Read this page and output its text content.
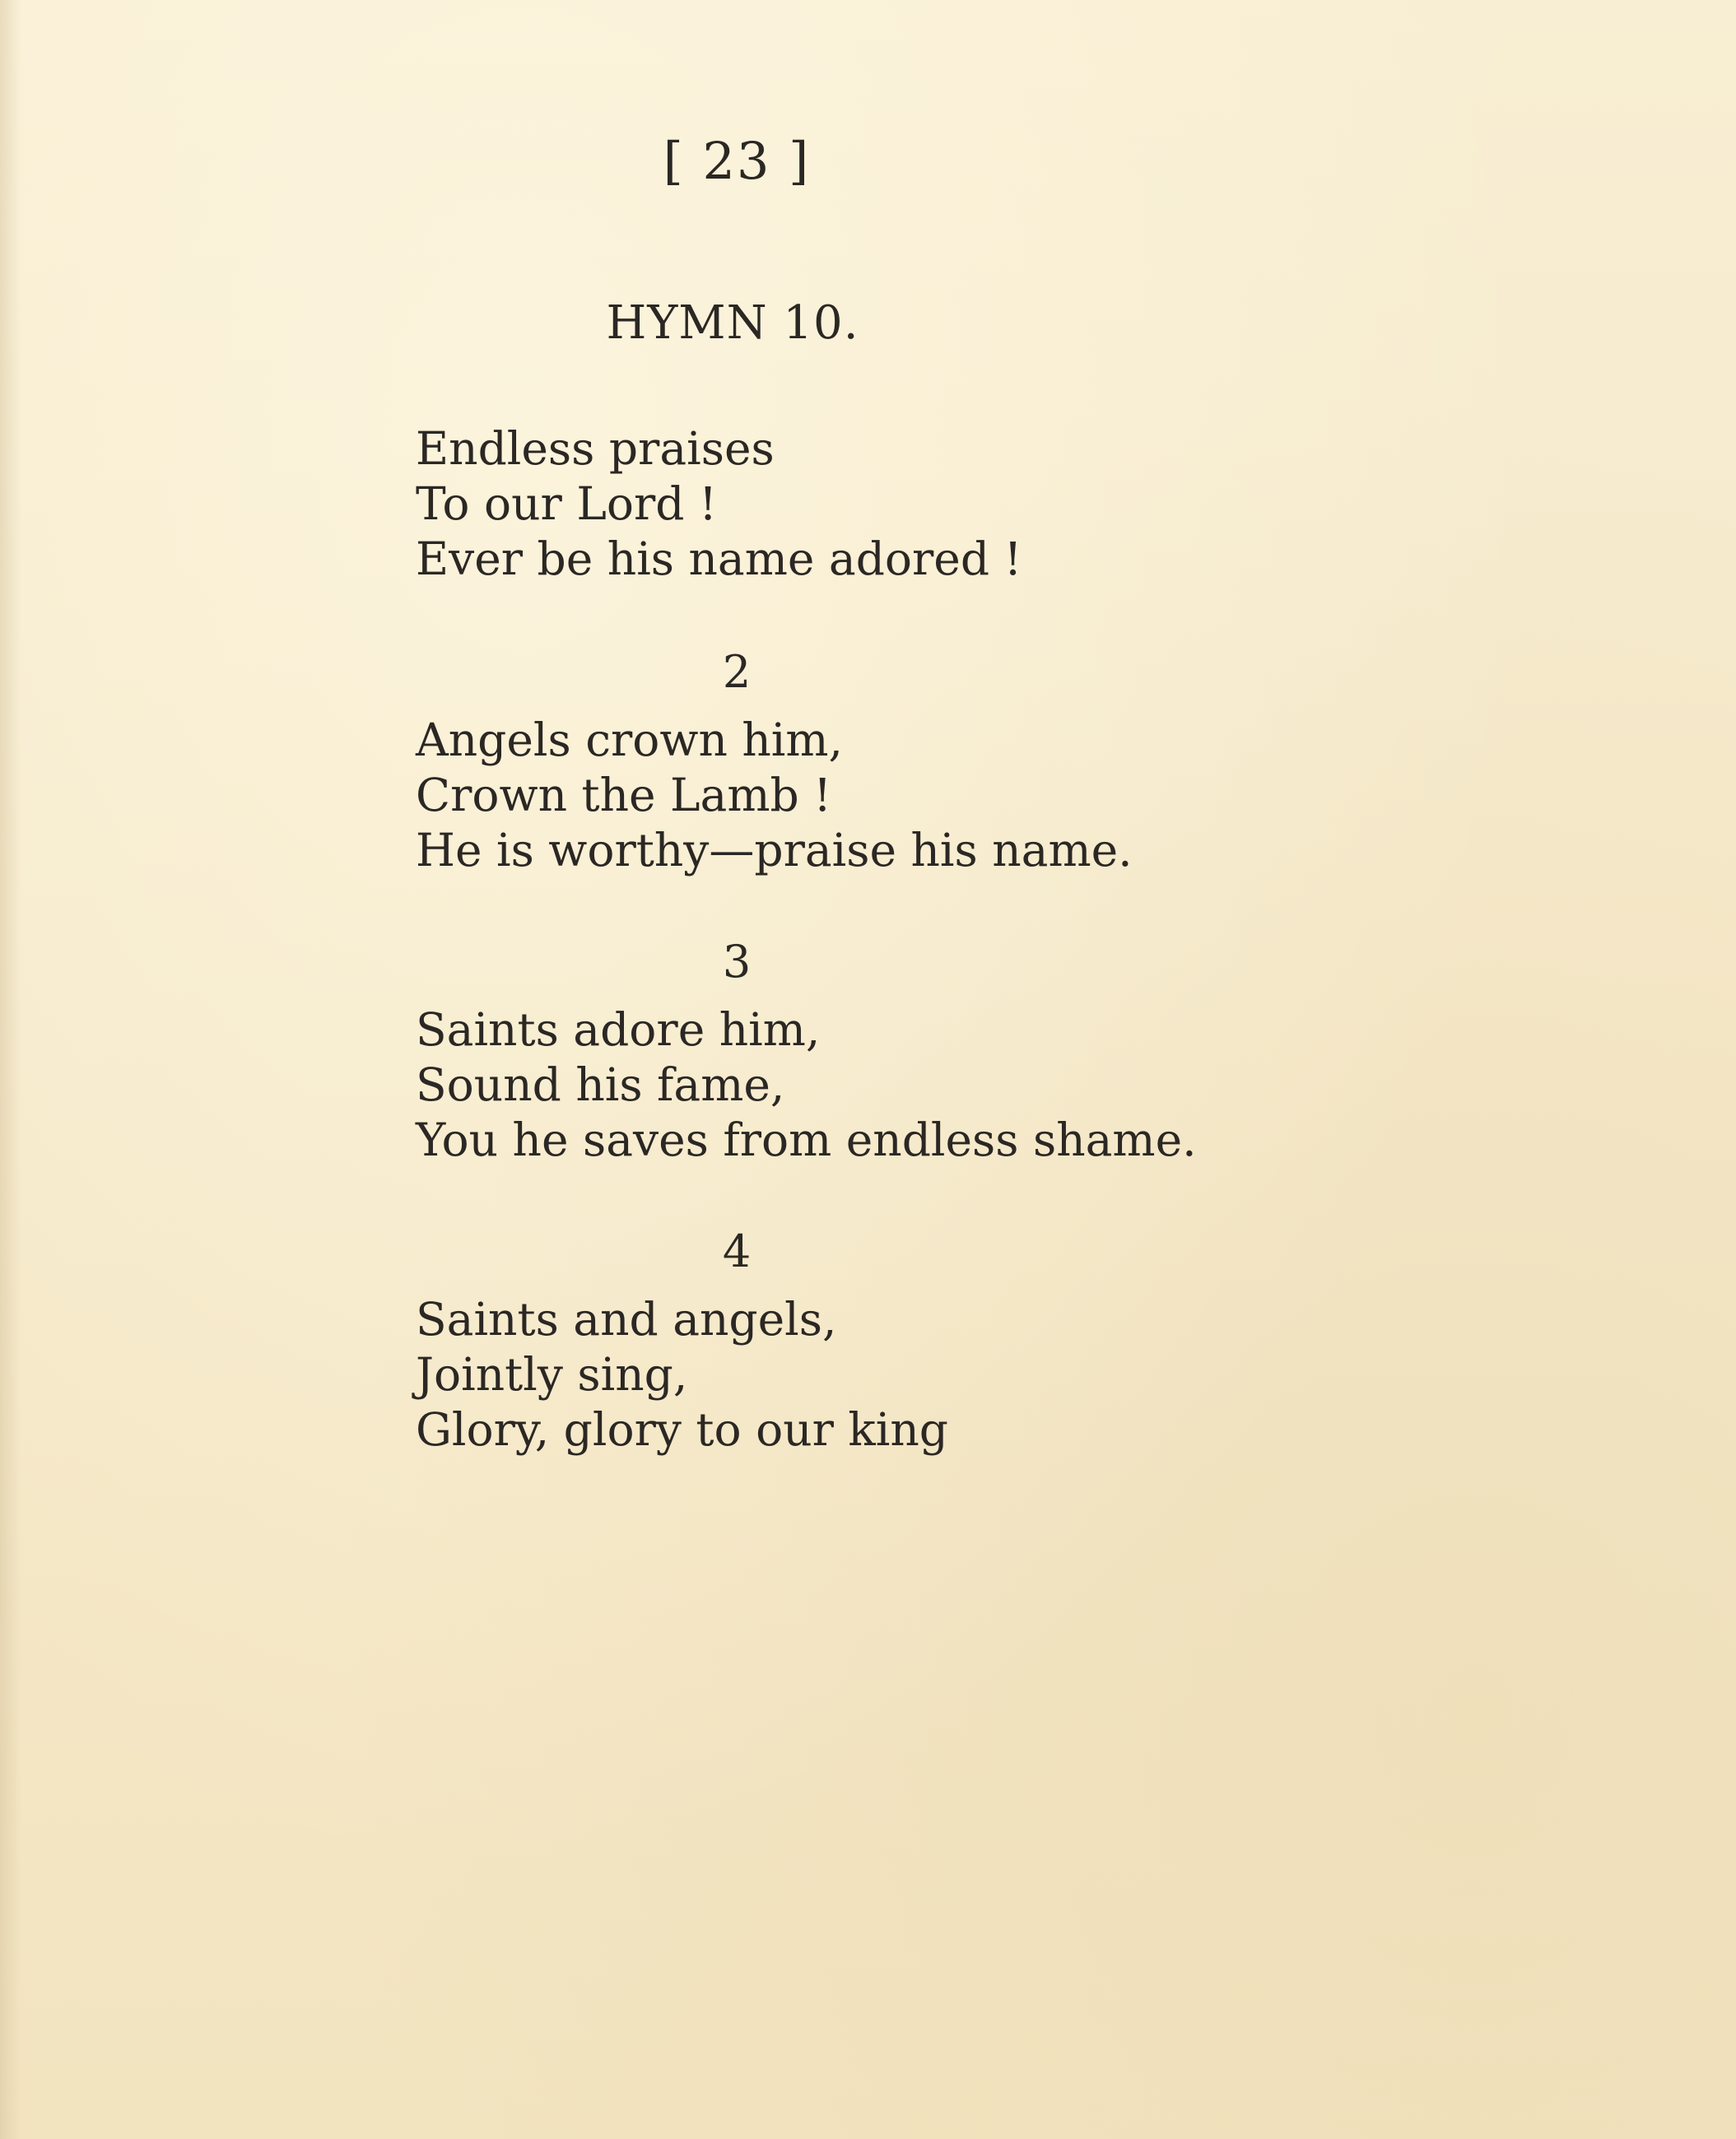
[ 23 ]
HYMN 10.
Endless praises
To our Lord !
Ever be his name adored !
2
Angels crown him,
Crown the Lamb !
He is worthy—praise his name.
3
Saints adore him,
Sound his fame,
You he saves from endless shame.
4
Saints and angels,
Jointly sing,
Glory, glory to our king
